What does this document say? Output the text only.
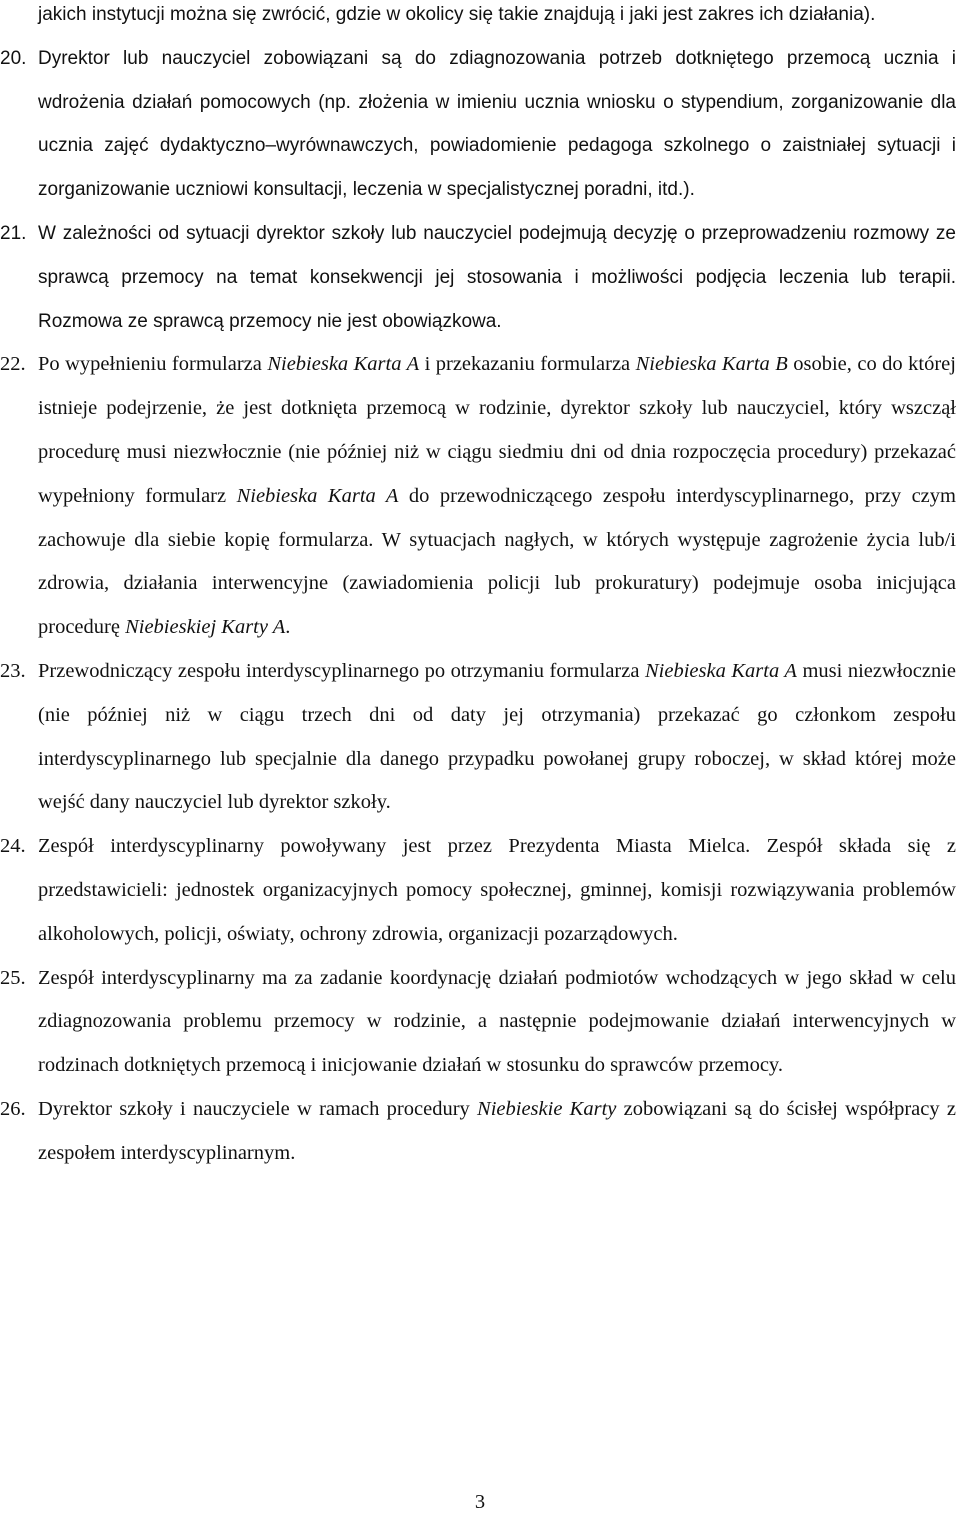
jakich instytucji można się zwrócić, gdzie w okolicy się takie znajdują i jaki jest zakres ich działania).

20. Dyrektor lub nauczyciel zobowiązani są do zdiagnozowania potrzeb dotkniętego przemocą ucznia i wdrożenia działań pomocowych (np. złożenia w imieniu ucznia wniosku o stypendium, zorganizowanie dla ucznia zajęć dydaktyczno–wyrównawczych, powiadomienie pedagoga szkolnego o zaistniałej sytuacji i zorganizowanie uczniowi konsultacji, leczenia w specjalistycznej poradni, itd.).

21. W zależności od sytuacji dyrektor szkoły lub nauczyciel podejmują decyzję o przeprowadzeniu rozmowy ze sprawcą przemocy na temat konsekwencji jej stosowania i możliwości podjęcia leczenia lub terapii. Rozmowa ze sprawcą przemocy nie jest obowiązkowa.

22. Po wypełnieniu formularza Niebieska Karta A i przekazaniu formularza Niebieska Karta B osobie, co do której istnieje podejrzenie, że jest dotknięta przemocą w rodzinie, dyrektor szkoły lub nauczyciel, który wszczął procedurę musi niezwłocznie (nie później niż w ciągu siedmiu dni od dnia rozpoczęcia procedury) przekazać wypełniony formularz Niebieska Karta A do przewodniczącego zespołu interdyscyplinarnego, przy czym zachowuje dla siebie kopię formularza. W sytuacjach nagłych, w których występuje zagrożenie życia lub/i zdrowia, działania interwencyjne (zawiadomienia policji lub prokuratury) podejmuje osoba inicjująca procedurę Niebieskiej Karty A.

23. Przewodniczący zespołu interdyscyplinarnego po otrzymaniu formularza Niebieska Karta A musi niezwłocznie (nie później niż w ciągu trzech dni od daty jej otrzymania) przekazać go członkom zespołu interdyscyplinarnego lub specjalnie dla danego przypadku powołanej grupy roboczej, w skład której może wejść dany nauczyciel lub dyrektor szkoły.

24. Zespół interdyscyplinarny powoływany jest przez Prezydenta Miasta Mielca. Zespół składa się z przedstawicieli: jednostek organizacyjnych pomocy społecznej, gminnej, komisji rozwiązywania problemów alkoholowych, policji, oświaty, ochrony zdrowia, organizacji pozarządowych.

25. Zespół interdyscyplinarny ma za zadanie koordynację działań podmiotów wchodzących w jego skład w celu zdiagnozowania problemu przemocy w rodzinie, a następnie podejmowanie działań interwencyjnych w rodzinach dotkniętych przemocą i inicjowanie działań w stosunku do sprawców przemocy.

26. Dyrektor szkoły i nauczyciele w ramach procedury Niebieskie Karty zobowiązani są do ścisłej współpracy z zespołem interdyscyplinarnym.

3
